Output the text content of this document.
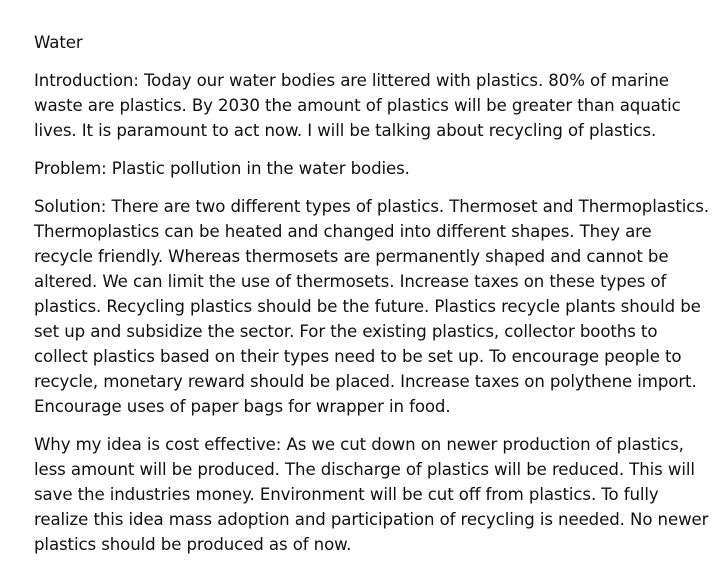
Water

Introduction: Today our water bodies are littered with plastics. 80% of marine waste are plastics. By 2030 the amount of plastics will be greater than aquatic lives. It is paramount to act now. I will be talking about recycling of plastics.

Problem: Plastic pollution in the water bodies.

Solution: There are two different types of plastics. Thermoset and Thermoplastics. Thermoplastics can be heated and changed into different shapes. They are recycle friendly. Whereas thermosets are permanently shaped and cannot be altered. We can limit the use of thermosets. Increase taxes on these types of plastics. Recycling plastics should be the future. Plastics recycle plants should be set up and subsidize the sector. For the existing plastics, collector booths to collect plastics based on their types need to be set up. To encourage people to recycle, monetary reward should be placed. Increase taxes on polythene import. Encourage uses of paper bags for wrapper in food.

Why my idea is cost effective: As we cut down on newer production of plastics, less amount will be produced. The discharge of plastics will be reduced. This will save the industries money. Environment will be cut off from plastics. To fully realize this idea mass adoption and participation of recycling is needed. No newer plastics should be produced as of now.
